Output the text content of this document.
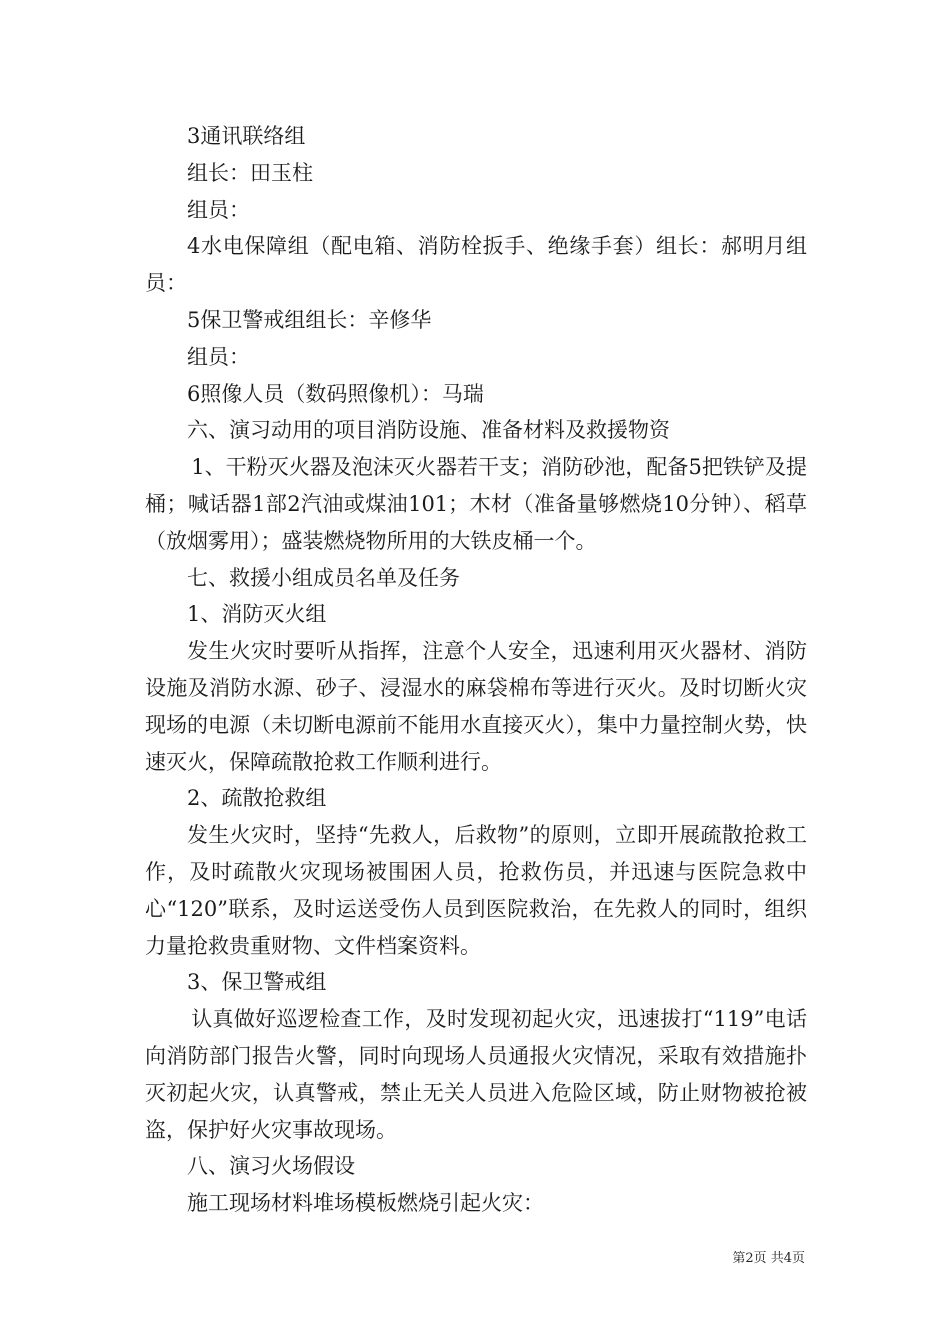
3通讯联络组

组长：田玉柱

组员：

4水电保障组（配电箱、消防栓扳手、绝缘手套）组长：郝明月组员：

5保卫警戒组组长：辛修华

组员：

6照像人员（数码照像机）：马瑞

六、演习动用的项目消防设施、准备材料及救援物资

1、干粉灭火器及泡沫灭火器若干支；消防砂池，配备5把铁铲及提桶；喊话器1部2汽油或煤油101；木材（准备量够燃烧10分钟）、稻草（放烟雾用）；盛装燃烧物所用的大铁皮桶一个。

七、救援小组成员名单及任务

1、消防灭火组

发生火灾时要听从指挥，注意个人安全，迅速利用灭火器材、消防设施及消防水源、砂子、浸湿水的麻袋棉布等进行灭火。及时切断火灾现场的电源（未切断电源前不能用水直接灭火），集中力量控制火势，快速灭火，保障疏散抢救工作顺利进行。

2、疏散抢救组

发生火灾时，坚持“先救人，后救物”的原则，立即开展疏散抢救工作，及时疏散火灾现场被围困人员，抢救伤员，并迅速与医院急救中心“120”联系，及时运送受伤人员到医院救治，在先救人的同时，组织力量抢救贵重财物、文件档案资料。

3、保卫警戒组

认真做好巡逻检查工作，及时发现初起火灾，迅速拔打“119”电话向消防部门报告火警，同时向现场人员通报火灾情况，采取有效措施扑灭初起火灾，认真警戒，禁止无关人员进入危险区域，防止财物被抢被盗，保护好火灾事故现场。

八、演习火场假设

施工现场材料堆场模板燃烧引起火灾：

第2页 共4页
